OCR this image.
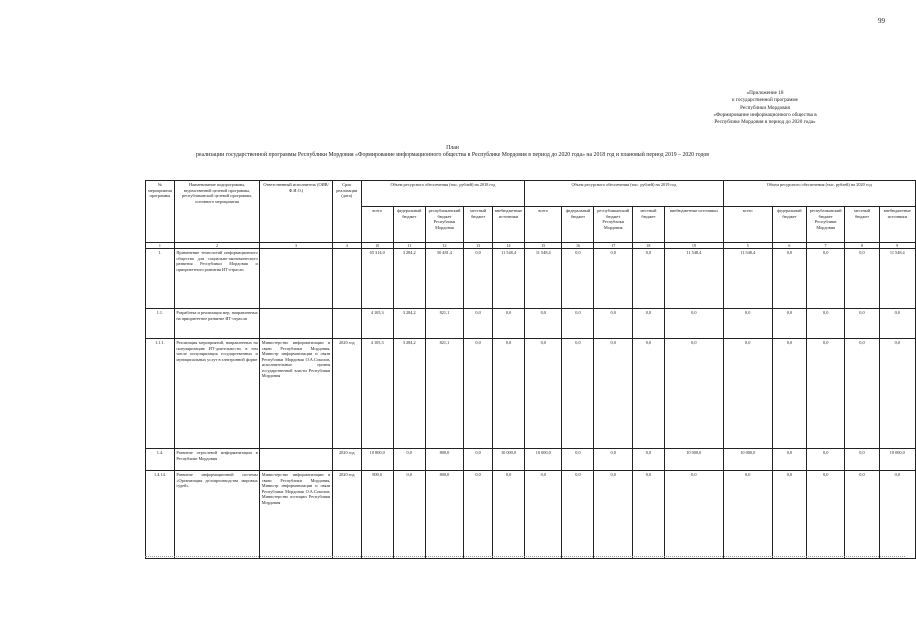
99
«Приложение 18
к государственной программе
Республики Мордовия
«Формирование информационного общества в
Республике Мордовия в период до 2020 года»
План
реализации государственной программы Республики Мордовия «Формирование информационного общества в Республике Мордовия в период до 2020 года» на 2018 год и плановый период 2019 – 2020 годов
№ мероприятия программы	Наименование подпрограммы, ведомственной целевой программы, республиканской целевой программы, основного мероприятия	Ответственный исполнитель (ОИВ/Ф.И.О.)	Срок реализации (дата)	Объем ресурсного обеспечения (тыс. рублей) на 2018 год					Объем ресурсного обеспечения (тыс. рублей) на 2019 год					Объем ресурсного обеспечения (тыс. рублей) на 2020 год				
				всего	федеральный бюджет	республиканский бюджет Республики Мордовия	местный бюджет	внебюджетные источники	всего	федеральный бюджет	республиканский бюджет Республики Мордовия	местный бюджет	внебюджетные источники	всего	федеральный бюджет	республиканский бюджет Республики Мордовия	местный бюджет	внебюджетные источники
1	2	3	4	10	11	12	13	14	15	16	17	18	19	5	6	7	8	9
1.	Применение технологий информационного общества для социально-экономического развития Республики Мордовия и приоритетного развития ИТ-отрасли			65 314,0	3 284,2	50 481,4	0,0	11 548,4	11 548,4	0,0	0,0	0,0	11 548,4	11 548,4	0,0	0,0	0,0	11 548,4
1.1.	Разработка и реализация мер, направленных на приоритетное развитие ИТ-отрасли			4 105,3	3 284,2	821,1	0,0	0,0	0,0	0,0	0,0	0,0	0,0	0,0	0,0	0,0	0,0	0,0
1.1.1.	Реализация мероприятий, направленных на популяризацию ИТ-деятельности, в том числе популяризация государственных и муниципальных услут в электронной форме	Министерство информатизации и связи Республики Мордовия, Министр информатизации и связи Республики Мордовия О.А.Соколов, исполнительные органы государственной власти Республики Мордовия	2020 год	4 105,3	3 284,2	821,1	0,0	0,0	0,0	0,0	0,0	0,0	0,0	0,0	0,0	0,0	0,0	0,0
1.4.	Развитие отраслевой информатизации в Республике Мордовия		2020 год	10 800,0	0,0	800,0	0,0	10 000,0	10 000,0	0,0	0,0	0,0	10 000,0	10 000,0	0,0	0,0	0,0	10 000,0
1.4.14.	Развитие информационной системы «Организация делопроизводства мировых судей»	Министерство информатизации и связи Республики Мордовия, Министр информатизации и связи Республики Мордовия О.А.Соколов, Министерство юстиции Республики Мордовия	2020 год	800,0	0,0	800,0	0,0	0,0	0,0	0,0	0,0	0,0	0,0	0,0	0,0	0,0	0,0	0,0
